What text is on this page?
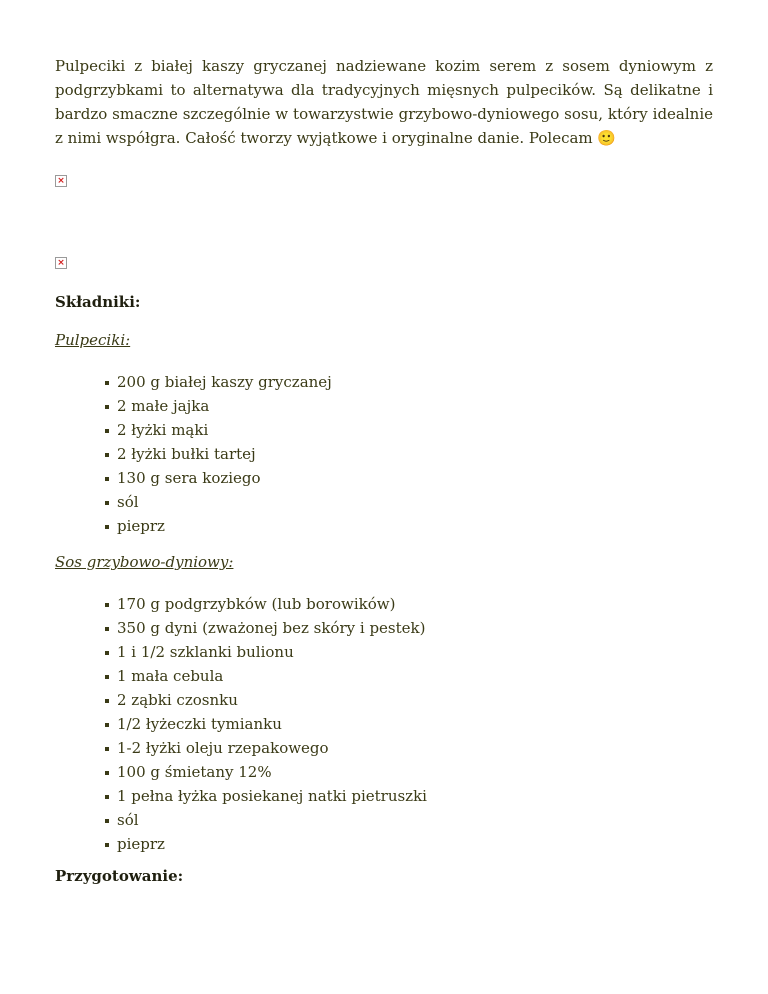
Pulpeciki z białej kaszy gryczanej nadziewane kozim serem z sosem dyniowym z podgrzybkami to alternatywa dla tradycyjnych mięsnych pulpecików. Są delikatne i bardzo smaczne szczególnie w towarzystwie grzybowo-dyniowego sosu, który idealnie z nimi współgra. Całość tworzy wyjątkowe i oryginalne danie. Polecam 🙂

×
×

Składniki:

Pulpeciki:

200 g białej kaszy gryczanej
2 małe jajka
2 łyżki mąki
2 łyżki bułki tartej
130 g sera koziego
sól
pieprz

Sos grzybowo-dyniowy:

170 g podgrzybków (lub borowików)
350 g dyni (zważonej bez skóry i pestek)
1 i 1/2 szklanki bulionu
1 mała cebula
2 ząbki czosnku
1/2 łyżeczki tymianku
1-2 łyżki oleju rzepakowego
100 g śmietany 12%
1 pełna łyżka posiekanej natki pietruszki
sól
pieprz

Przygotowanie:
